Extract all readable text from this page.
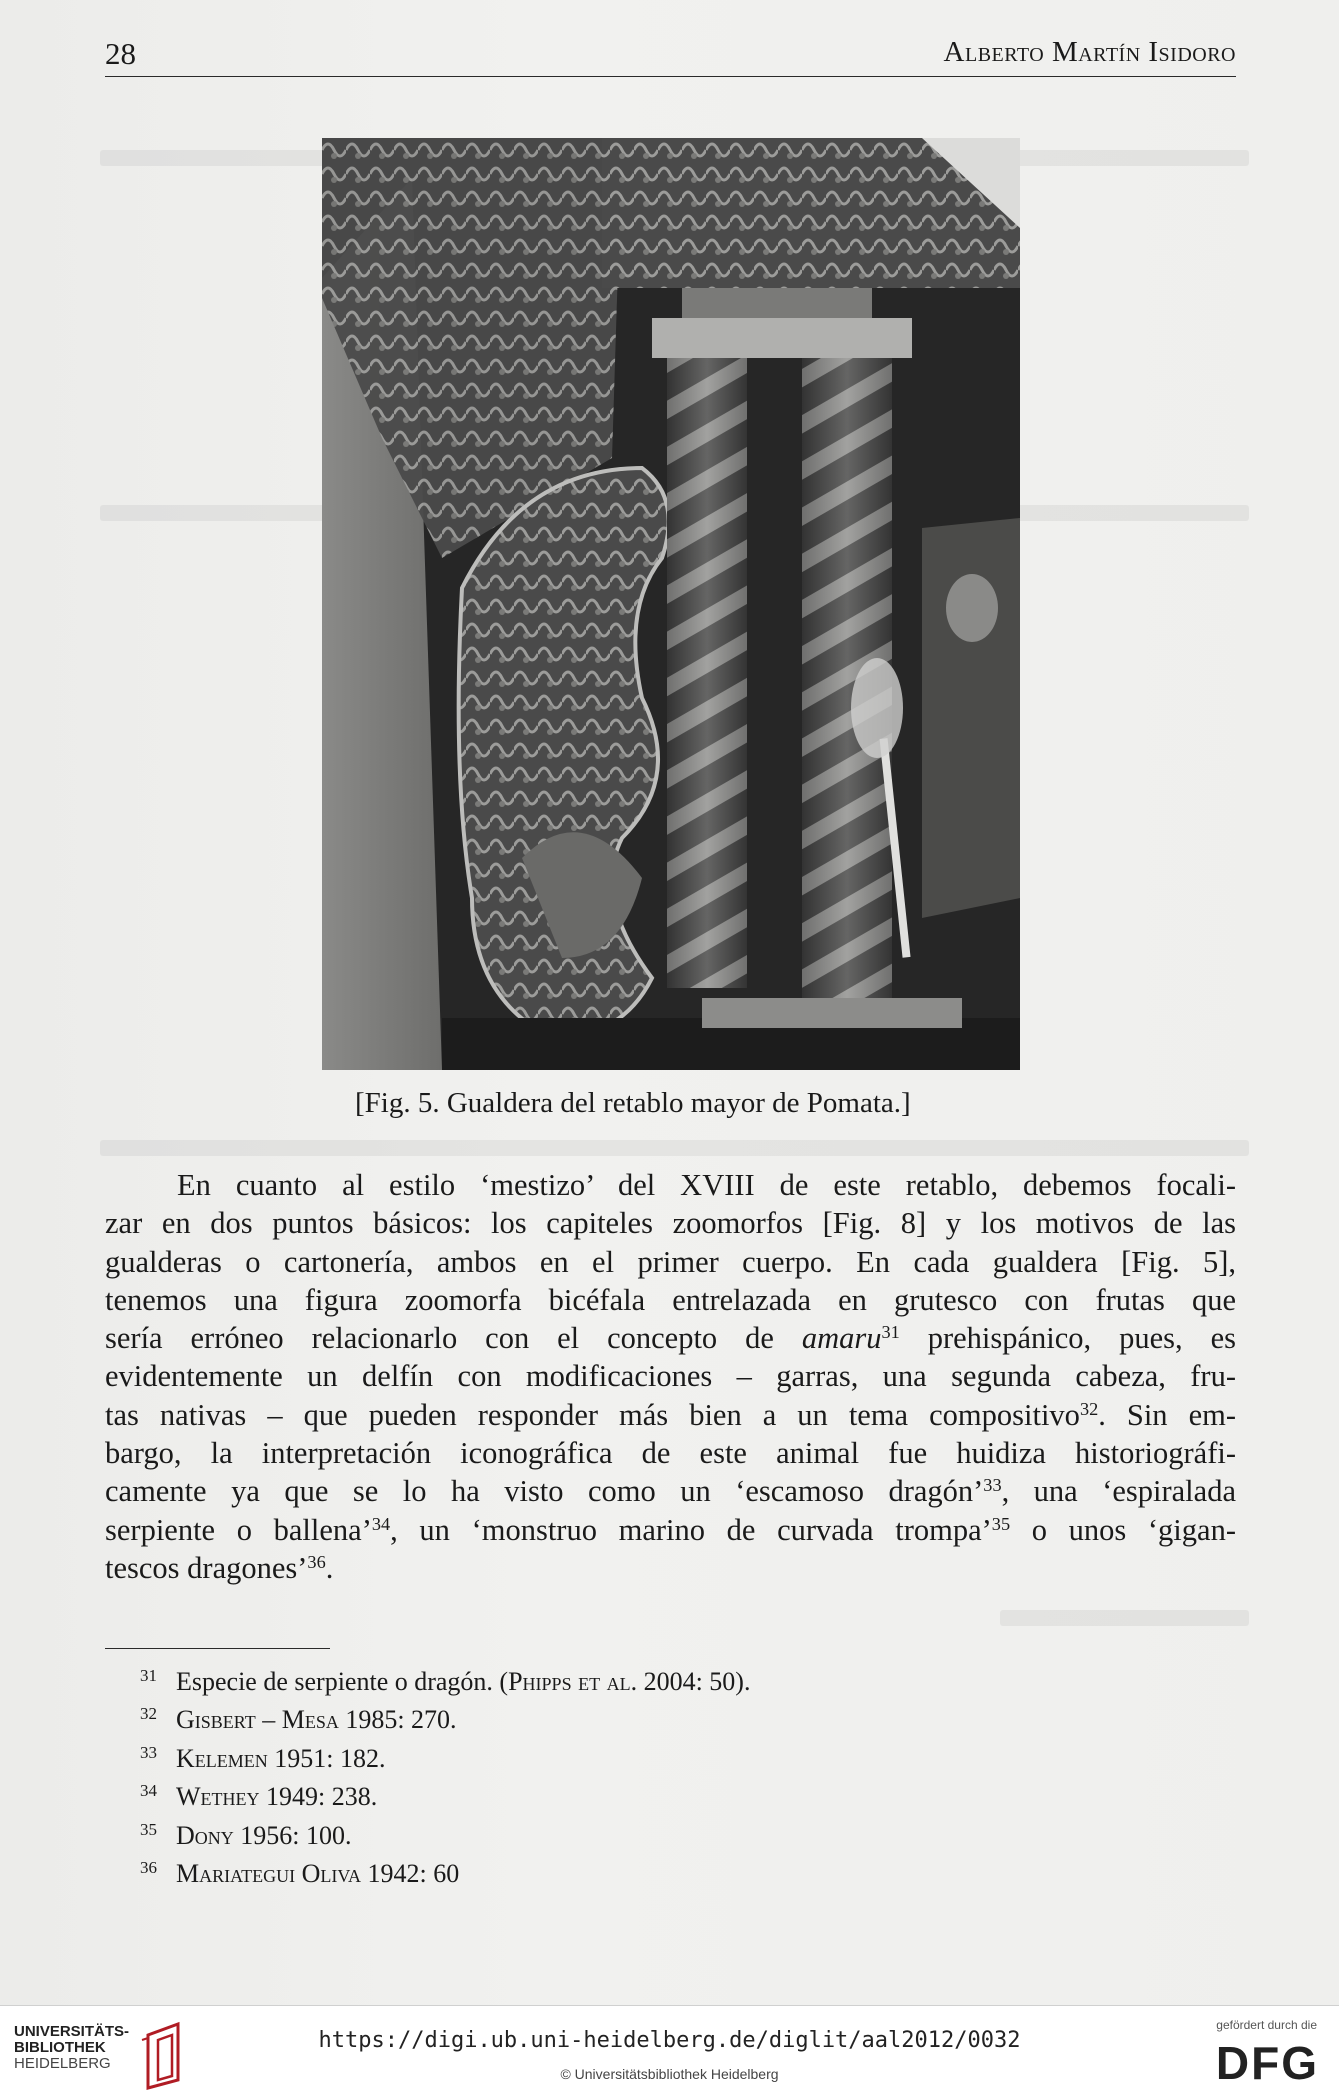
28	Alberto Martín Isidoro
[Fig. 5. Gualdera del retablo mayor de Pomata.]
En cuanto al estilo ‘mestizo’ del XVIII de este retablo, debemos focali-
zar en dos puntos básicos: los capiteles zoomorfos [Fig. 8] y los motivos de las
gualderas o cartonería, ambos en el primer cuerpo. En cada gualdera [Fig. 5],
tenemos una figura zoomorfa bicéfala entrelazada en grutesco con frutas que
sería erróneo relacionarlo con el concepto de amaru$^{31}$ prehispánico, pues, es
evidentemente un delfín con modificaciones – garras, una segunda cabeza, fru-
tas nativas – que pueden responder más bien a un tema compositivo$^{32}$. Sin em-
bargo, la interpretación iconográfica de este animal fue huidiza historiográfi-
camente ya que se lo ha visto como un ‘escamoso dragón’$^{33}$, una ‘espiralada
serpiente o ballena’$^{34}$, un ‘monstruo marino de curvada trompa’$^{35}$ o unos ‘gigan-
tescos dragones’$^{36}$.
31 Especie de serpiente o dragón. (Phipps et al. 2004: 50).
32 Gisbert – Mesa 1985: 270.
33 Kelemen 1951: 182.
34 Wethey 1949: 238.
35 Dony 1956: 100.
36 Mariategui Oliva 1942: 60
UNIVERSITÄTS-
BIBLIOTHEK
HEIDELBERG
https://digi.ub.uni-heidelberg.de/diglit/aal2012/0032
© Universitätsbibliothek Heidelberg
gefördert durch die
DFG
